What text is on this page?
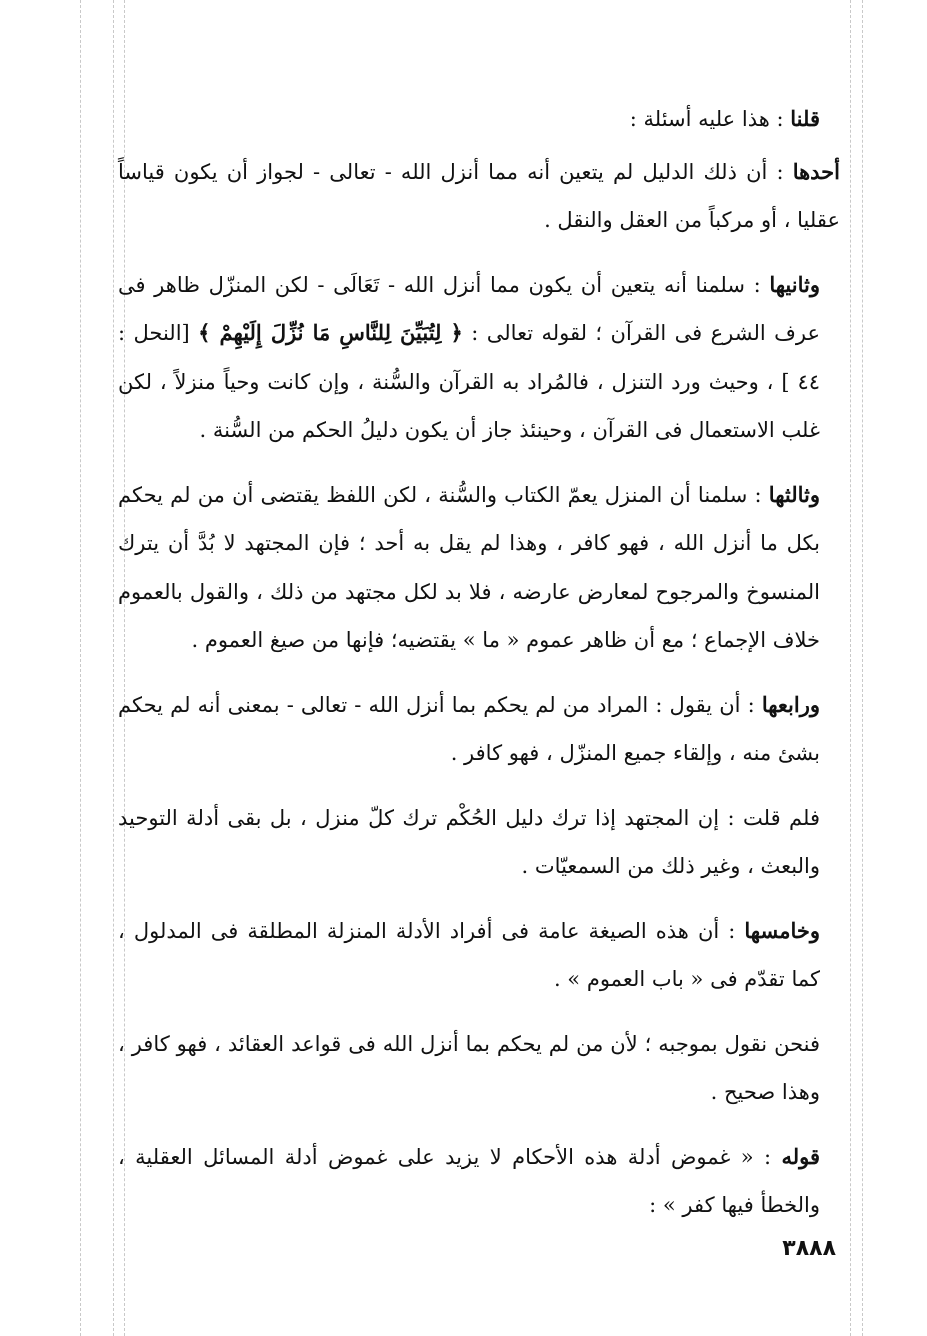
قلنا : هذا عليه أسئلة :

أحدها : أن ذلك الدليل لم يتعين أنه مما أنزل الله - تعالى - لجواز أن يكون قياساً عقليا ، أو مركباً من العقل والنقل .

وثانيها : سلمنا أنه يتعين أن يكون مما أنزل الله - تَعَالَى - لكن المنزّل ظاهر فى عرف الشرع فى القرآن ؛ لقوله تعالى : ﴿ لِتُبَيِّنَ لِلنَّاسِ مَا نُزِّلَ إِلَيْهِمْ ﴾ [النحل : ٤٤ ] ، وحيث ورد التنزل ، فالمُراد به القرآن والسُّنة ، وإن كانت وحياً منزلاً ، لكن غلب الاستعمال فى القرآن ، وحينئذ جاز أن يكون دليلُ الحكم من السُّنة .

وثالثها : سلمنا أن المنزل يعمّ الكتاب والسُّنة ، لكن اللفظ يقتضى أن من لم يحكم بكل ما أنزل الله ، فهو كافر ، وهذا لم يقل به أحد ؛ فإن المجتهد لا بُدَّ أن يترك المنسوخ والمرجوح لمعارض عارضه ، فلا بد لكل مجتهد من ذلك ، والقول بالعموم خلاف الإجماع ؛ مع أن ظاهر عموم « ما » يقتضيه؛ فإنها من صيغ العموم .

ورابعها : أن يقول : المراد من لم يحكم بما أنزل الله - تعالى - بمعنى أنه لم يحكم بشئ منه ، وإلقاء جميع المنزّل ، فهو كافر .

فلم قلت : إن المجتهد إذا ترك دليل الحُكْم ترك كلّ منزل ، بل بقى أدلة التوحيد والبعث ، وغير ذلك من السمعيّات .

وخامسها : أن هذه الصيغة عامة فى أفراد الأدلة المنزلة المطلقة فى المدلول ، كما تقدّم فى « باب العموم » .

فنحن نقول بموجبه ؛ لأن من لم يحكم بما أنزل الله فى قواعد العقائد ، فهو كافر ، وهذا صحيح .

قوله : « غموض أدلة هذه الأحكام لا يزيد على غموض أدلة المسائل العقلية ، والخطأ فيها كفر » :

٣٨٨٨
